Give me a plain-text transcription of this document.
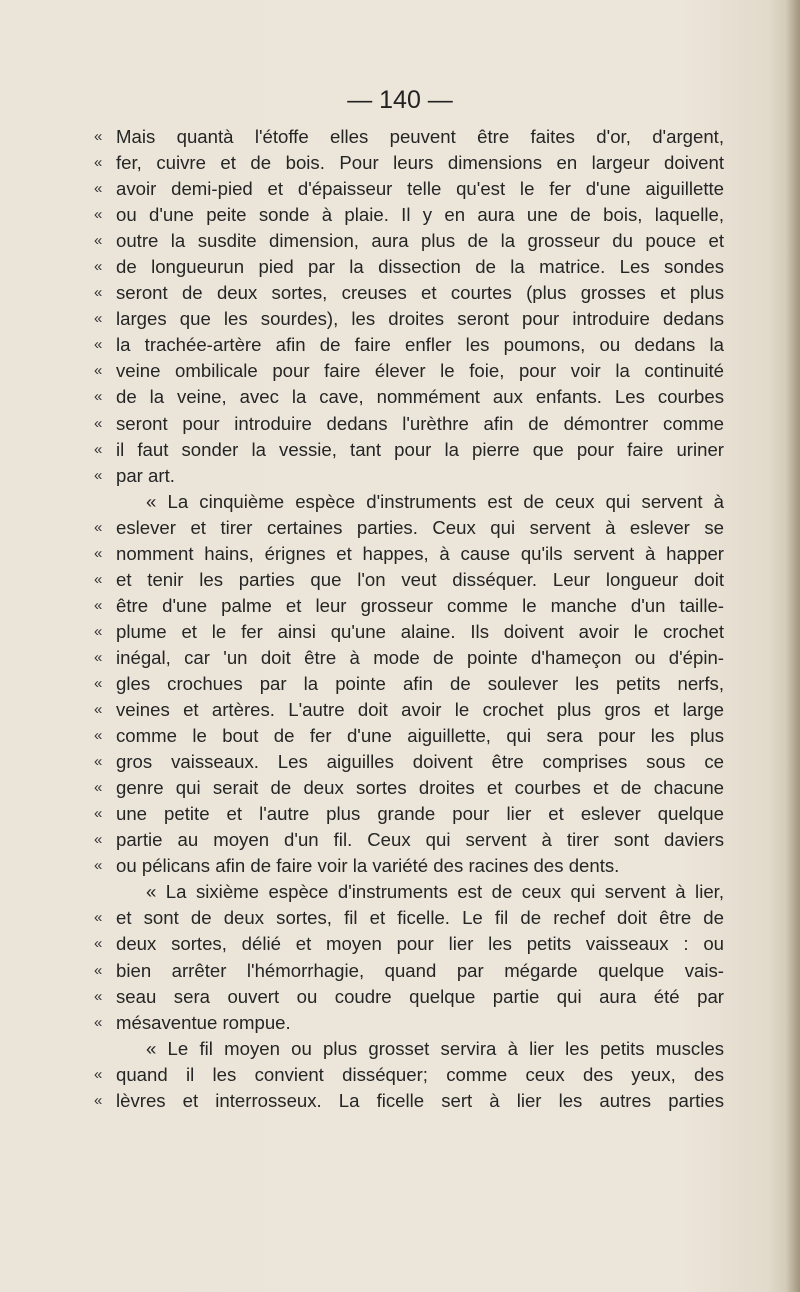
— 140 —
« Mais quantà l'étoffe elles peuvent être faites d'or, d'argent,
« fer, cuivre et de bois. Pour leurs dimensions en largeur doivent
« avoir demi-pied et d'épaisseur telle qu'est le fer d'une aiguillette
« ou d'une peite sonde à plaie. Il y en aura une de bois, laquelle,
« outre la susdite dimension, aura plus de la grosseur du pouce et
« de longueurun pied par la dissection de la matrice. Les sondes
« seront de deux sortes, creuses et courtes (plus grosses et plus
« larges que les sourdes), les droites seront pour introduire dedans
« la trachée-artère afin de faire enfler les poumons, ou dedans la
« veine ombilicale pour faire élever le foie, pour voir la continuité
« de la veine, avec la cave, nommément aux enfants. Les courbes
« seront pour introduire dedans l'urèthre afin de démontrer comme
« il faut sonder la vessie, tant pour la pierre que pour faire uriner
« par art.
« La cinquième espèce d'instruments est de ceux qui servent à
« eslever et tirer certaines parties. Ceux qui servent à eslever se
« nomment hains, érignes et happes, à cause qu'ils servent à happer
« et tenir les parties que l'on veut disséquer. Leur longueur doit
« être d'une palme et leur grosseur comme le manche d'un taille-
« plume et le fer ainsi qu'une alaine. Ils doivent avoir le crochet
« inégal, car 'un doit être à mode de pointe d'hameçon ou d'épin-
« gles crochues par la pointe afin de soulever les petits nerfs,
« veines et artères. L'autre doit avoir le crochet plus gros et large
« comme le bout de fer d'une aiguillette, qui sera pour les plus
« gros vaisseaux. Les aiguilles doivent être comprises sous ce
« genre qui serait de deux sortes droites et courbes et de chacune
« une petite et l'autre plus grande pour lier et eslever quelque
« partie au moyen d'un fil. Ceux qui servent à tirer sont daviers
« ou pélicans afin de faire voir la variété des racines des dents.
« La sixième espèce d'instruments est de ceux qui servent à lier,
« et sont de deux sortes, fil et ficelle. Le fil de rechef doit être de
« deux sortes, délié et moyen pour lier les petits vaisseaux : ou
« bien arrêter l'hémorrhagie, quand par mégarde quelque vais-
« seau sera ouvert ou coudre quelque partie qui aura été par
« mésaventue rompue.
« Le fil moyen ou plus grosset servira à lier les petits muscles
« quand il les convient disséquer; comme ceux des yeux, des
« lèvres et interrosseux. La ficelle sert à lier les autres parties
